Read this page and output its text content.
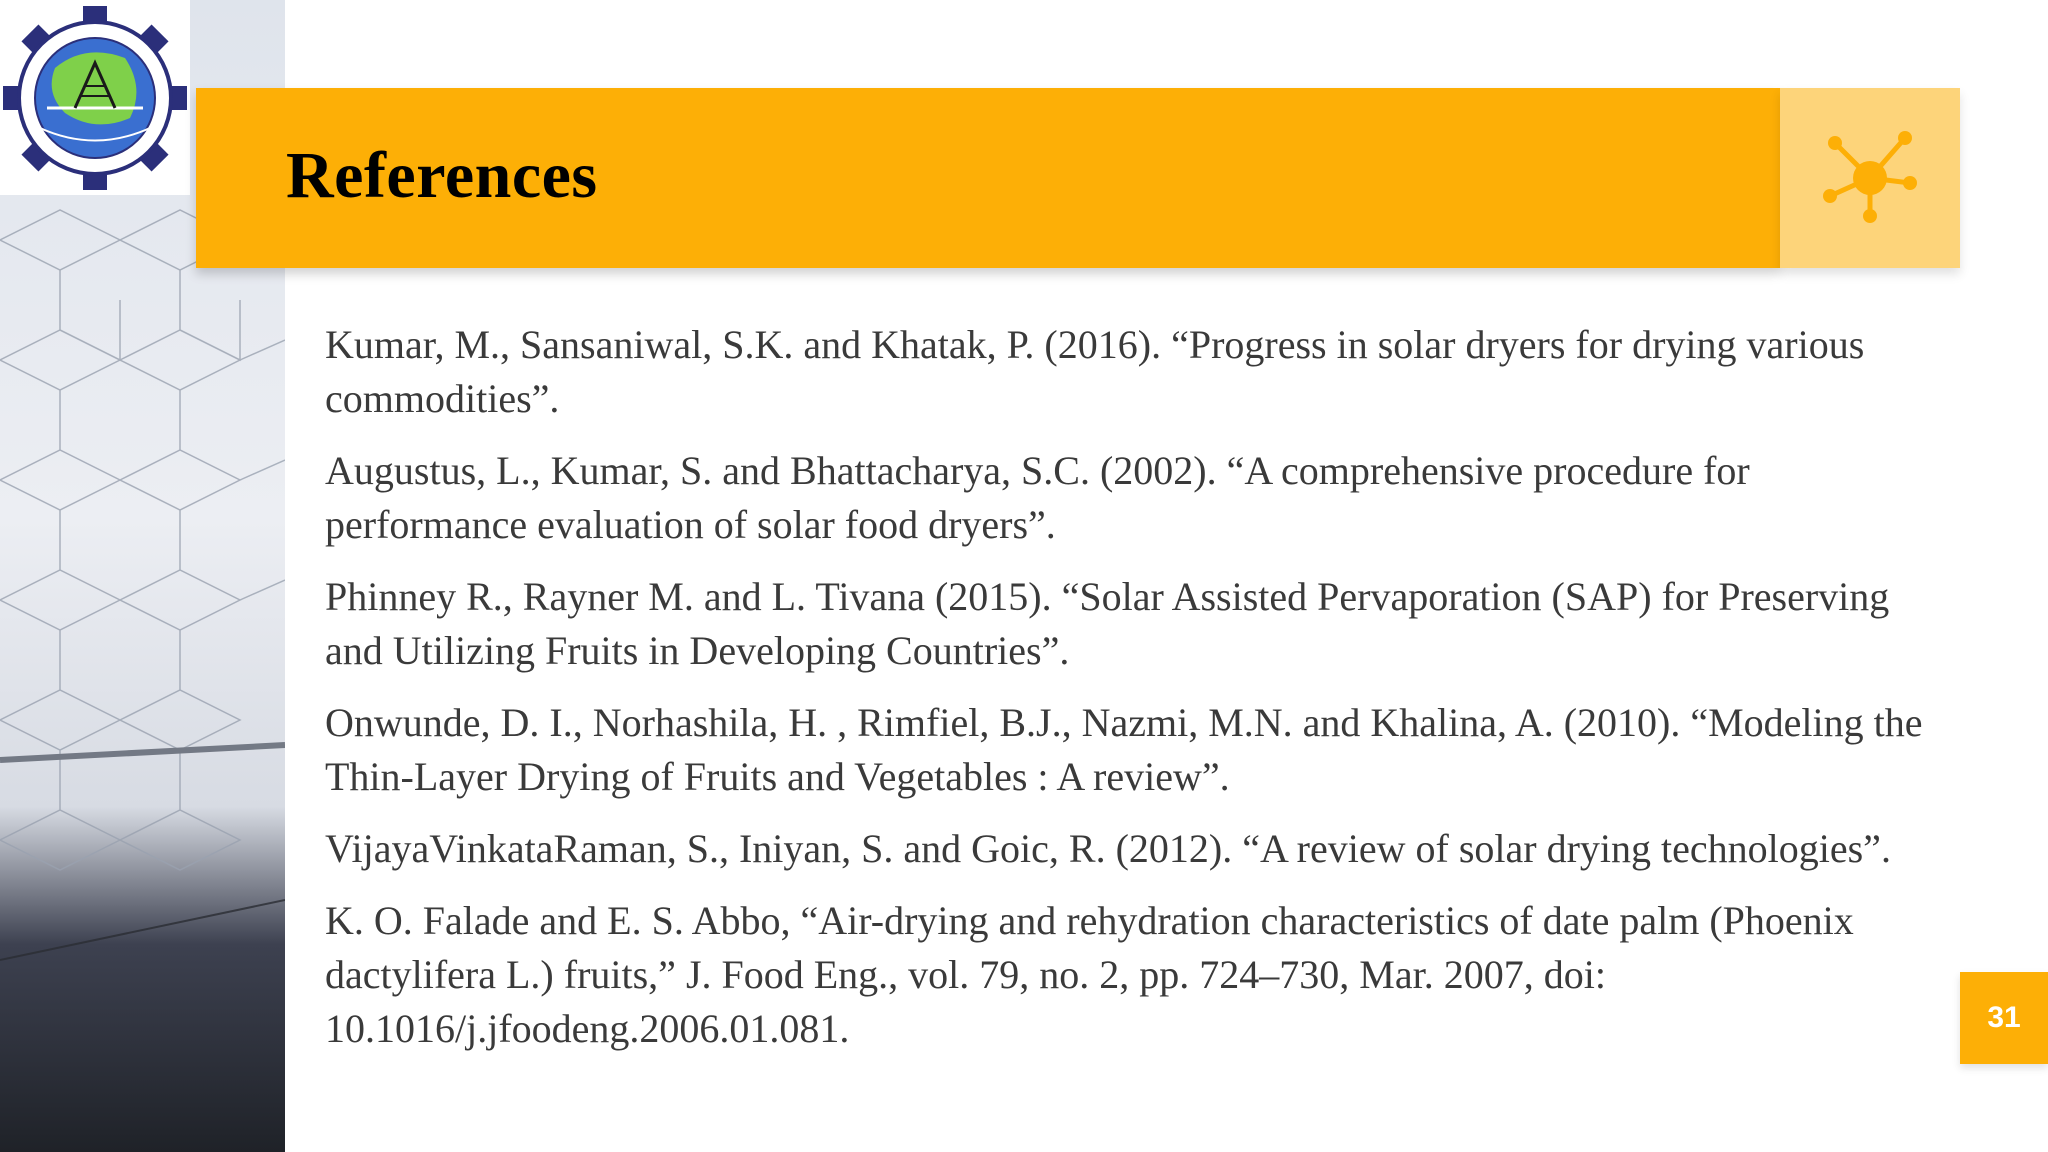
References

Kumar, M., Sansaniwal, S.K. and Khatak, P. (2016). “Progress in solar dryers for drying various commodities”.

Augustus, L., Kumar, S. and Bhattacharya, S.C. (2002). “A comprehensive procedure for performance evaluation of solar food dryers”.

Phinney R., Rayner M. and L. Tivana (2015). “Solar Assisted Pervaporation (SAP) for Preserving and Utilizing Fruits in Developing Countries”.

Onwunde, D. I., Norhashila, H. , Rimfiel, B.J., Nazmi, M.N. and Khalina, A. (2010). “Modeling the Thin-Layer Drying of Fruits and Vegetables : A review”.

VijayaVinkataRaman, S., Iniyan, S. and Goic, R. (2012). “A review of solar drying technologies”.

K. O. Falade and E. S. Abbo, “Air-drying and rehydration characteristics of date palm (Phoenix dactylifera L.) fruits,” J. Food Eng., vol. 79, no. 2, pp. 724–730, Mar. 2007, doi: 10.1016/j.jfoodeng.2006.01.081.	31
